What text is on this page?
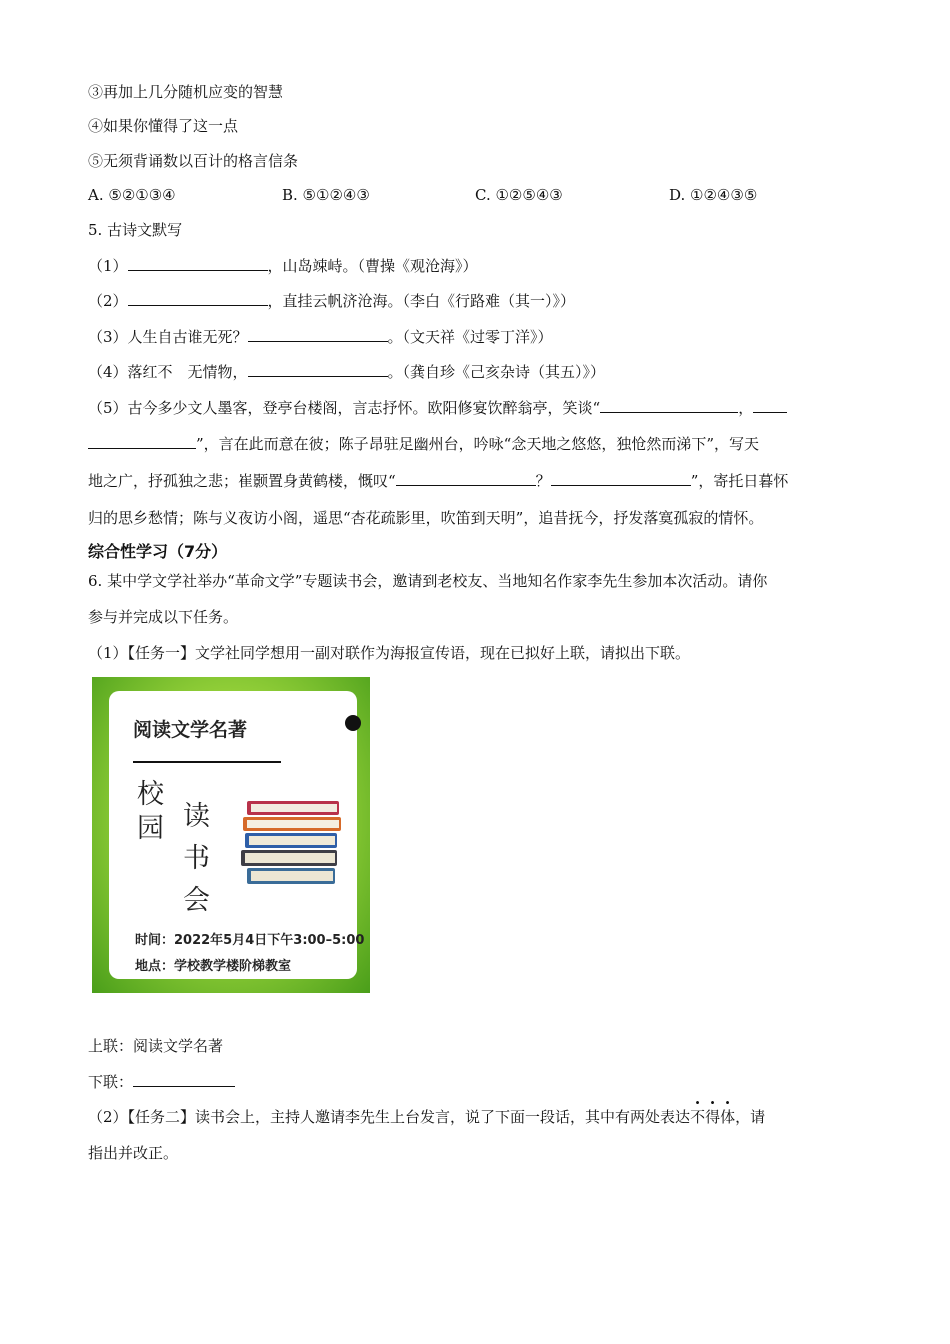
③再加上几分随机应变的智慧
④如果你懂得了这一点
⑤无须背诵数以百计的格言信条
A. ⑤②①③④	B. ⑤①②④③	C. ①②⑤④③	D. ①②④③⑤
5. 古诗文默写
（1）	，山岛竦峙。（曹操《观沧海》）
（2）	，直挂云帆济沧海。（李白《行路难（其一）》）
（3）人生自古谁无死？	。（文天祥《过零丁洋》）
（4）落红不　无情物，	。（龚自珍《己亥杂诗（其五）》）
（5）古今多少文人墨客，登亭台楼阁，言志抒怀。欧阳修宴饮醉翁亭，笑谈“	，
”，言在此而意在彼；陈子昂驻足幽州台，吟咏“念天地之悠悠，独怆然而涕下”，写天
地之广，抒孤独之悲；崔颢置身黄鹤楼，慨叹“	？	”，寄托日暮怀
归的思乡愁情；陈与义夜访小阁，遥思“杏花疏影里，吹笛到天明”，追昔抚今，抒发落寞孤寂的情怀。
综合性学习（7分）
6. 某中学文学社举办“革命文学”专题读书会，邀请到老校友、当地知名作家李先生参加本次活动。请你
参与并完成以下任务。
（1）【任务一】文学社同学想用一副对联作为海报宣传语，现在已拟好上联，请拟出下联。
阅读文学名著
校
园 读
书
会
时间：2022年5月4日下午3:00–5:00
地点：学校教学楼阶梯教室
上联：阅读文学名著
下联：
（2）【任务二】读书会上，主持人邀请李先生上台发言，说了下面一段话，其中有两处表达不得体，请
指出并改正。
